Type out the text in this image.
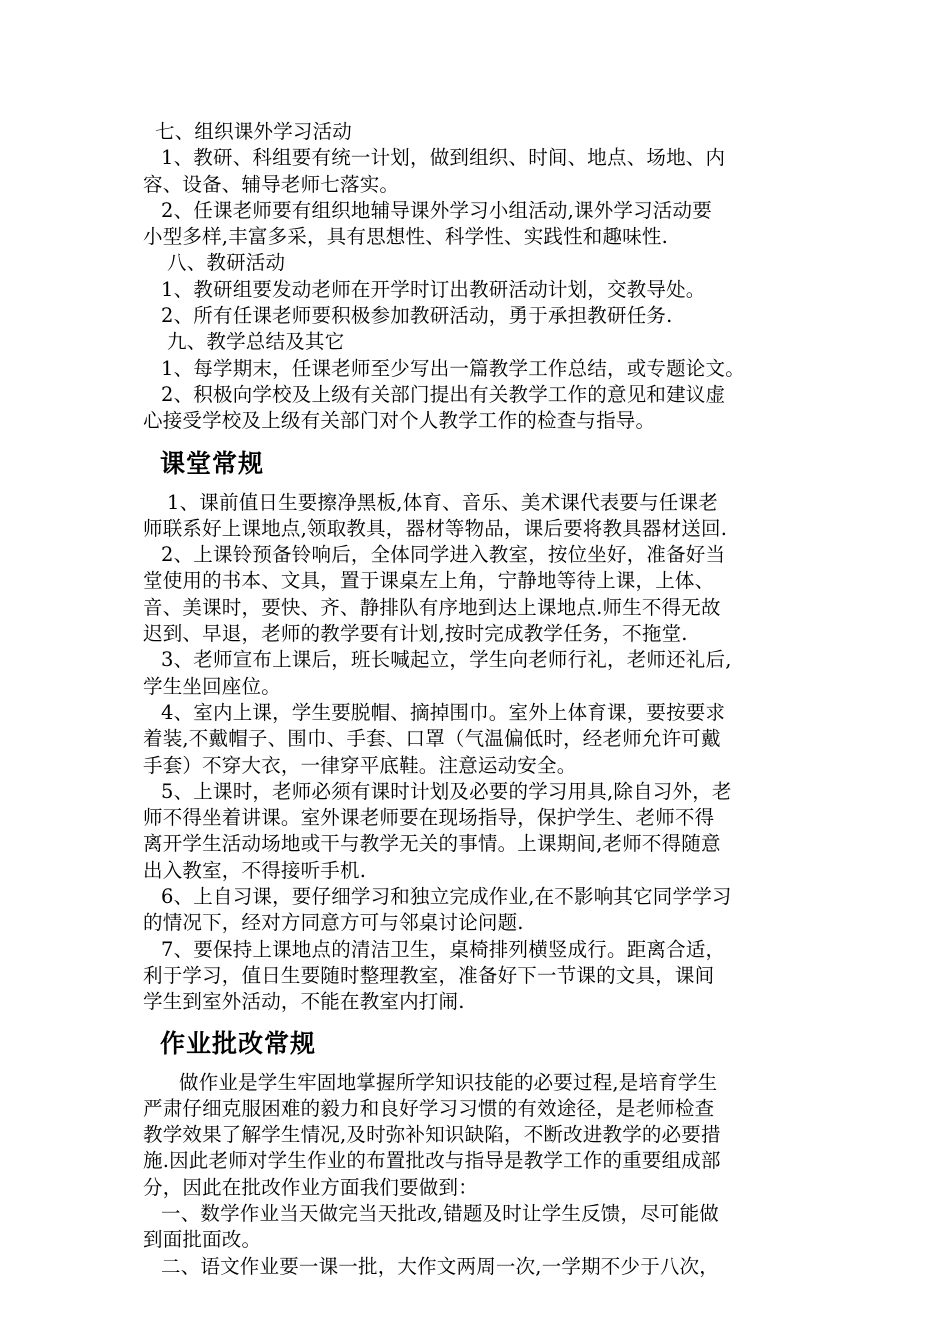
七、组织课外学习活动
1、教研、科组要有统一计划，做到组织、时间、地点、场地、内
容、设备、辅导老师七落实。
2、任课老师要有组织地辅导课外学习小组活动,课外学习活动要
小型多样,丰富多采，具有思想性、科学性、实践性和趣味性.
八、教研活动
1、教研组要发动老师在开学时订出教研活动计划，交教导处。
2、所有任课老师要积极参加教研活动，勇于承担教研任务.
九、教学总结及其它
1、每学期末，任课老师至少写出一篇教学工作总结，或专题论文。
2、积极向学校及上级有关部门提出有关教学工作的意见和建议虚
心接受学校及上级有关部门对个人教学工作的检查与指导。
课堂常规
1、课前值日生要擦净黑板,体育、音乐、美术课代表要与任课老
师联系好上课地点,领取教具，器材等物品，课后要将教具器材送回.
2、上课铃预备铃响后，全体同学进入教室，按位坐好，准备好当
堂使用的书本、文具，置于课桌左上角，宁静地等待上课，上体、
音、美课时，要快、齐、静排队有序地到达上课地点.师生不得无故
迟到、早退，老师的教学要有计划,按时完成教学任务，不拖堂.
3、老师宣布上课后，班长喊起立，学生向老师行礼，老师还礼后,
学生坐回座位。
4、室内上课，学生要脱帽、摘掉围巾。室外上体育课，要按要求
着装,不戴帽子、围巾、手套、口罩（气温偏低时，经老师允许可戴
手套）不穿大衣，一律穿平底鞋。注意运动安全。
5、上课时，老师必须有课时计划及必要的学习用具,除自习外，老
师不得坐着讲课。室外课老师要在现场指导，保护学生、老师不得
离开学生活动场地或干与教学无关的事情。上课期间,老师不得随意
出入教室，不得接听手机.
6、上自习课，要仔细学习和独立完成作业,在不影响其它同学学习
的情况下，经对方同意方可与邻桌讨论问题.
7、要保持上课地点的清洁卫生，桌椅排列横竖成行。距离合适，
利于学习，值日生要随时整理教室，准备好下一节课的文具，课间
学生到室外活动，不能在教室内打闹.
作业批改常规
做作业是学生牢固地掌握所学知识技能的必要过程,是培育学生
严肃仔细克服困难的毅力和良好学习习惯的有效途径，是老师检查
教学效果了解学生情况,及时弥补知识缺陷，不断改进教学的必要措
施.因此老师对学生作业的布置批改与指导是教学工作的重要组成部
分，因此在批改作业方面我们要做到：
一、数学作业当天做完当天批改,错题及时让学生反馈，尽可能做
到面批面改。
二、语文作业要一课一批，大作文两周一次,一学期不少于八次，
